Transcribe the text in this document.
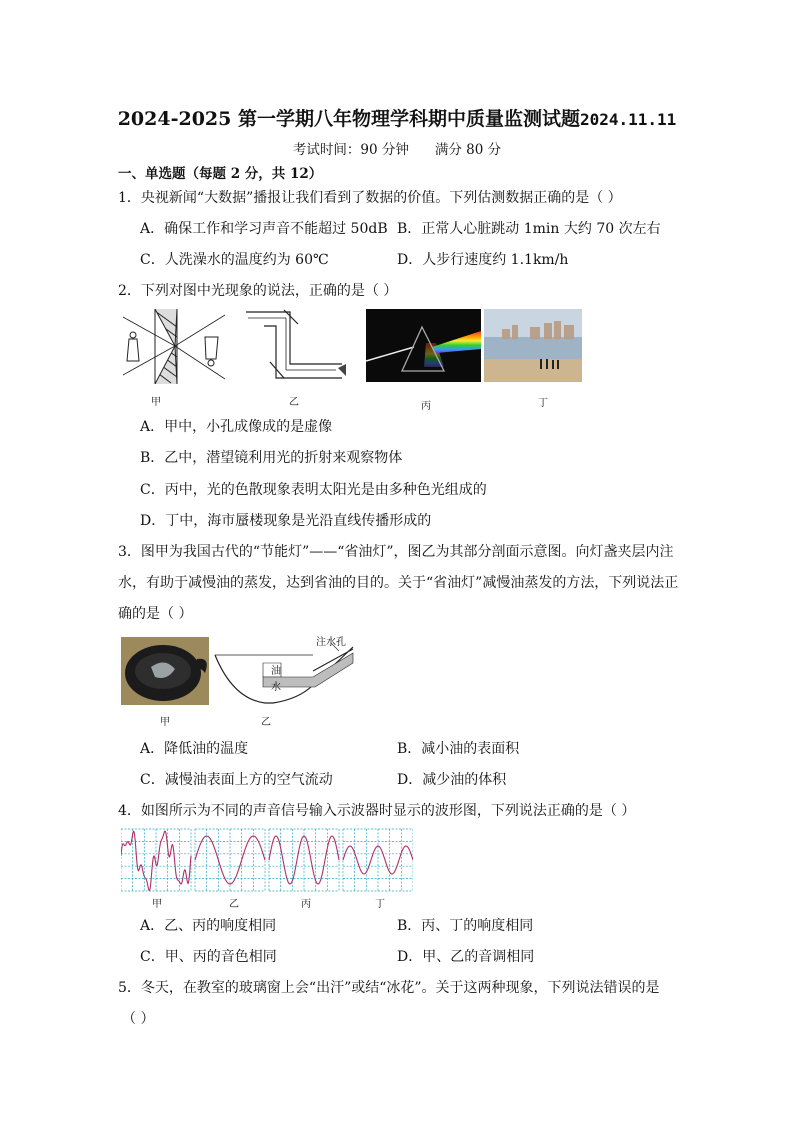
2024-2025 第一学期八年物理学科期中质量监测试题2024.11.11
考试时间：90 分钟 满分 80 分
一、单选题（每题 2 分，共 12）
1．央视新闻“大数据”播报让我们看到了数据的价值。下列估测数据正确的是（ ）
A．确保工作和学习声音不能超过 50dB B．正常人心脏跳动 1min 大约 70 次左右
C．人洗澡水的温度约为 60℃	D．人步行速度约 1.1km/h
2．下列对图中光现象的说法，正确的是（ ）
甲	乙	丙	丁
A．甲中，小孔成像成的是虚像
B．乙中，潜望镜利用光的折射来观察物体
C．丙中，光的色散现象表明太阳光是由多种色光组成的
D．丁中，海市蜃楼现象是光沿直线传播形成的
3．图甲为我国古代的“节能灯”——“省油灯”，图乙为其部分剖面示意图。向灯盏夹层内注
水，有助于减慢油的蒸发，达到省油的目的。关于“省油灯”减慢油蒸发的方法，下列说法正
确的是（ ）
甲
注水孔
油
水
乙
A．降低油的温度	B．减小油的表面积
C．减慢油表面上方的空气流动	D．减少油的体积
4．如图所示为不同的声音信号输入示波器时显示的波形图，下列说法正确的是（ ）
甲	乙	丙	丁
A．乙、丙的响度相同	B．丙、丁的响度相同
C．甲、丙的音色相同	D．甲、乙的音调相同
5．冬天，在教室的玻璃窗上会“出汗”或结“冰花”。关于这两种现象，下列说法错误的是
（ ）
